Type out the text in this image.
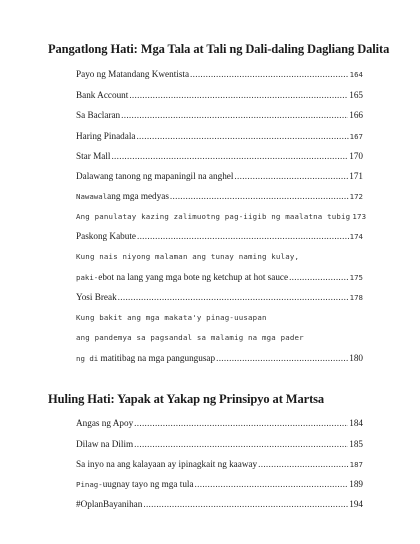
Pangatlong Hati: Mga Tala at Tali ng Dali-daling Dagliang Dalita
Payo ng Matandang Kwentista .....	164
Bank Account .....	165
Sa Baclaran .....	166
Haring Pinadala .....	167
Star Mall .....	170
Dalawang tanong ng mapaningil na anghel .....	171
Nawawalang mga medyas .....	172
Ang panulatay kazing zalimuotng pag-iigib ng maalatna tubig 173
Paskong Kabute .....	174
Kung nais niyong malaman ang tunay naming kulay,
paki-ebot na lang yang mga bote ng ketchup at hot sauce .....	175
Yosi Break .....	178
Kung bakit ang mga makata'y pinag-uusapan
ang pandemya sa pagsandal sa malamig na mga pader
ng di matitibag na mga pangungusap .....	180
Huling Hati: Yapak at Yakap ng Prinsipyo at Martsa
Angas ng Apoy .....	184
Dilaw na Dilim .....	185
Sa inyo na ang kalayaan ay ipinagkait ng kaaway .....	187
Pinag-uugnay tayo ng mga tula .....	189
#OplanBayanihan .....	194
